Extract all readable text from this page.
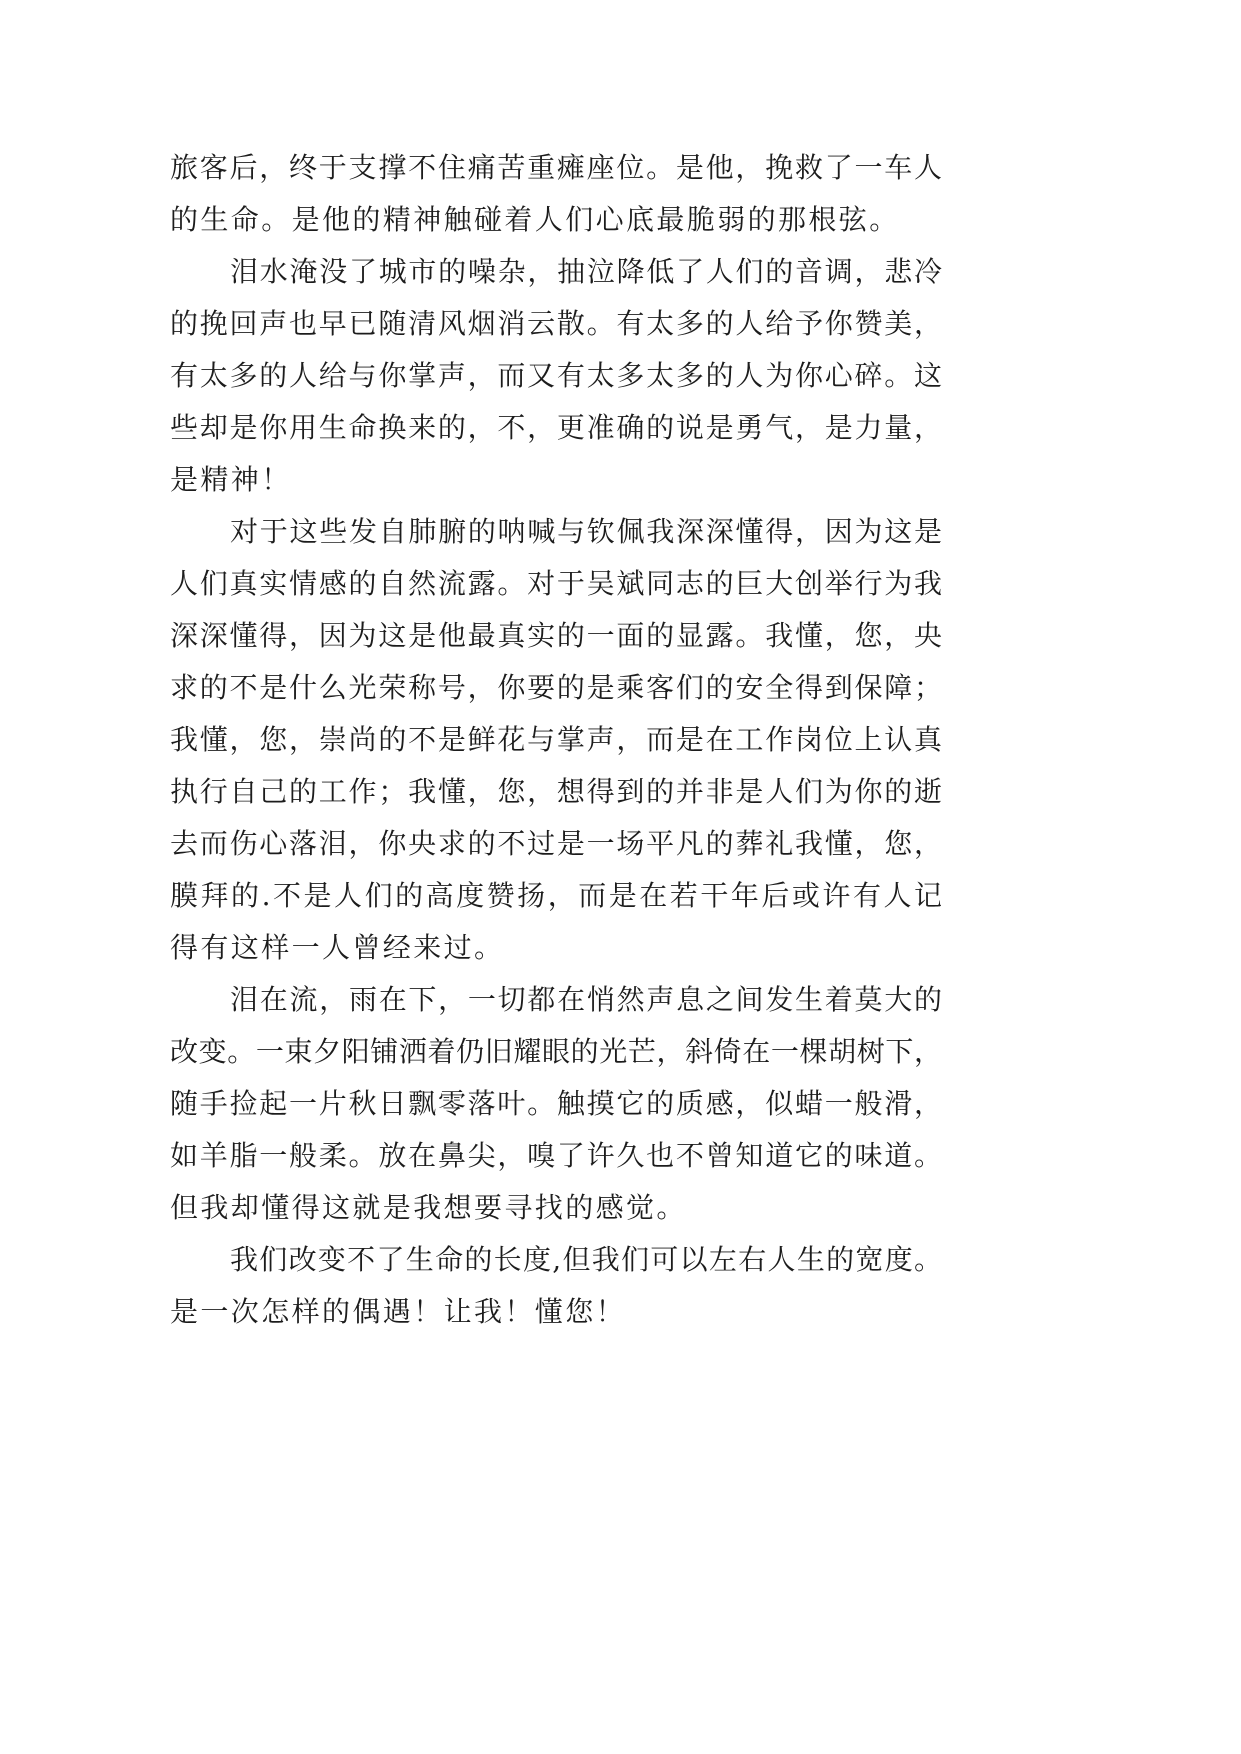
旅客后，终于支撑不住痛苦重瘫座位。是他，挽救了一车人
的生命。是他的精神触碰着人们心底最脆弱的那根弦。
泪水淹没了城市的噪杂，抽泣降低了人们的音调，悲冷
的挽回声也早已随清风烟消云散。有太多的人给予你赞美，
有太多的人给与你掌声，而又有太多太多的人为你心碎。这
些却是你用生命换来的，不，更准确的说是勇气，是力量，
是精神！
对于这些发自肺腑的呐喊与钦佩我深深懂得，因为这是
人们真实情感的自然流露。对于吴斌同志的巨大创举行为我
深深懂得，因为这是他最真实的一面的显露。我懂，您，央
求的不是什么光荣称号，你要的是乘客们的安全得到保障；
我懂，您，崇尚的不是鲜花与掌声，而是在工作岗位上认真
执行自己的工作；我懂，您，想得到的并非是人们为你的逝
去而伤心落泪，你央求的不过是一场平凡的葬礼我懂，您，
膜拜的.不是人们的高度赞扬，而是在若干年后或许有人记
得有这样一人曾经来过。
泪在流，雨在下，一切都在悄然声息之间发生着莫大的
改变。一束夕阳铺洒着仍旧耀眼的光芒，斜倚在一棵胡树下，
随手捡起一片秋日飘零落叶。触摸它的质感，似蜡一般滑，
如羊脂一般柔。放在鼻尖，嗅了许久也不曾知道它的味道。
但我却懂得这就是我想要寻找的感觉。
我们改变不了生命的长度,但我们可以左右人生的宽度。
是一次怎样的偶遇！让我！懂您！
